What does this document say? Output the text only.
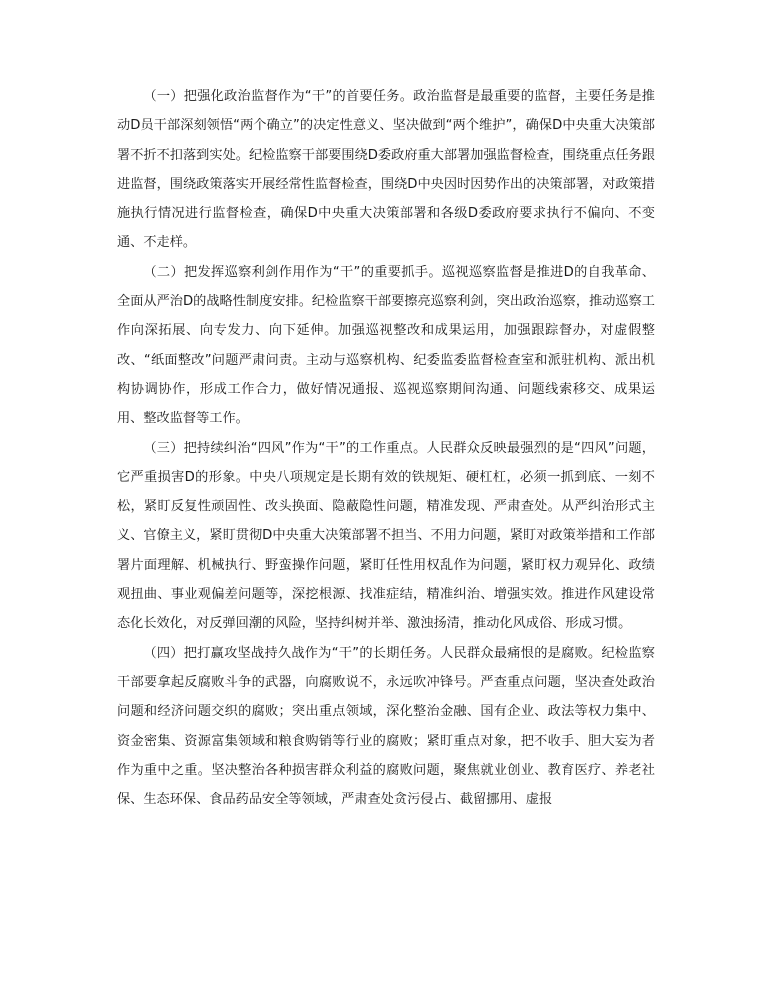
（一）把强化政治监督作为“干”的首要任务。政治监督是最重要的监督，主要任务是推动D员干部深刻领悟“两个确立”的决定性意义、坚决做到“两个维护”，确保D中央重大决策部署不折不扣落到实处。纪检监察干部要围绕D委政府重大部署加强监督检查，围绕重点任务跟进监督，围绕政策落实开展经常性监督检查，围绕D中央因时因势作出的决策部署，对政策措施执行情况进行监督检查，确保D中央重大决策部署和各级D委政府要求执行不偏向、不变通、不走样。

（二）把发挥巡察利剑作用作为“干”的重要抓手。巡视巡察监督是推进D的自我革命、全面从严治D的战略性制度安排。纪检监察干部要擦亮巡察利剑，突出政治巡察，推动巡察工作向深拓展、向专发力、向下延伸。加强巡视整改和成果运用，加强跟踪督办，对虚假整改、“纸面整改”问题严肃问责。主动与巡察机构、纪委监委监督检查室和派驻机构、派出机构协调协作，形成工作合力，做好情况通报、巡视巡察期间沟通、问题线索移交、成果运用、整改监督等工作。

（三）把持续纠治“四风”作为“干”的工作重点。人民群众反映最强烈的是“四风”问题，它严重损害D的形象。中央八项规定是长期有效的铁规矩、硬杠杠，必须一抓到底、一刻不松，紧盯反复性顽固性、改头换面、隐蔽隐性问题，精准发现、严肃查处。从严纠治形式主义、官僚主义，紧盯贯彻D中央重大决策部署不担当、不用力问题，紧盯对政策举措和工作部署片面理解、机械执行、野蛮操作问题，紧盯任性用权乱作为问题，紧盯权力观异化、政绩观扭曲、事业观偏差问题等，深挖根源、找准症结，精准纠治、增强实效。推进作风建设常态化长效化，对反弹回潮的风险，坚持纠树并举、激浊扬清，推动化风成俗、形成习惯。

（四）把打赢攻坚战持久战作为“干”的长期任务。人民群众最痛恨的是腐败。纪检监察干部要拿起反腐败斗争的武器，向腐败说不，永远吹冲锋号。严查重点问题，坚决查处政治问题和经济问题交织的腐败；突出重点领域，深化整治金融、国有企业、政法等权力集中、资金密集、资源富集领域和粮食购销等行业的腐败；紧盯重点对象，把不收手、胆大妄为者作为重中之重。坚决整治各种损害群众利益的腐败问题，聚焦就业创业、教育医疗、养老社保、生态环保、食品药品安全等领域，严肃查处贪污侵占、截留挪用、虚报
